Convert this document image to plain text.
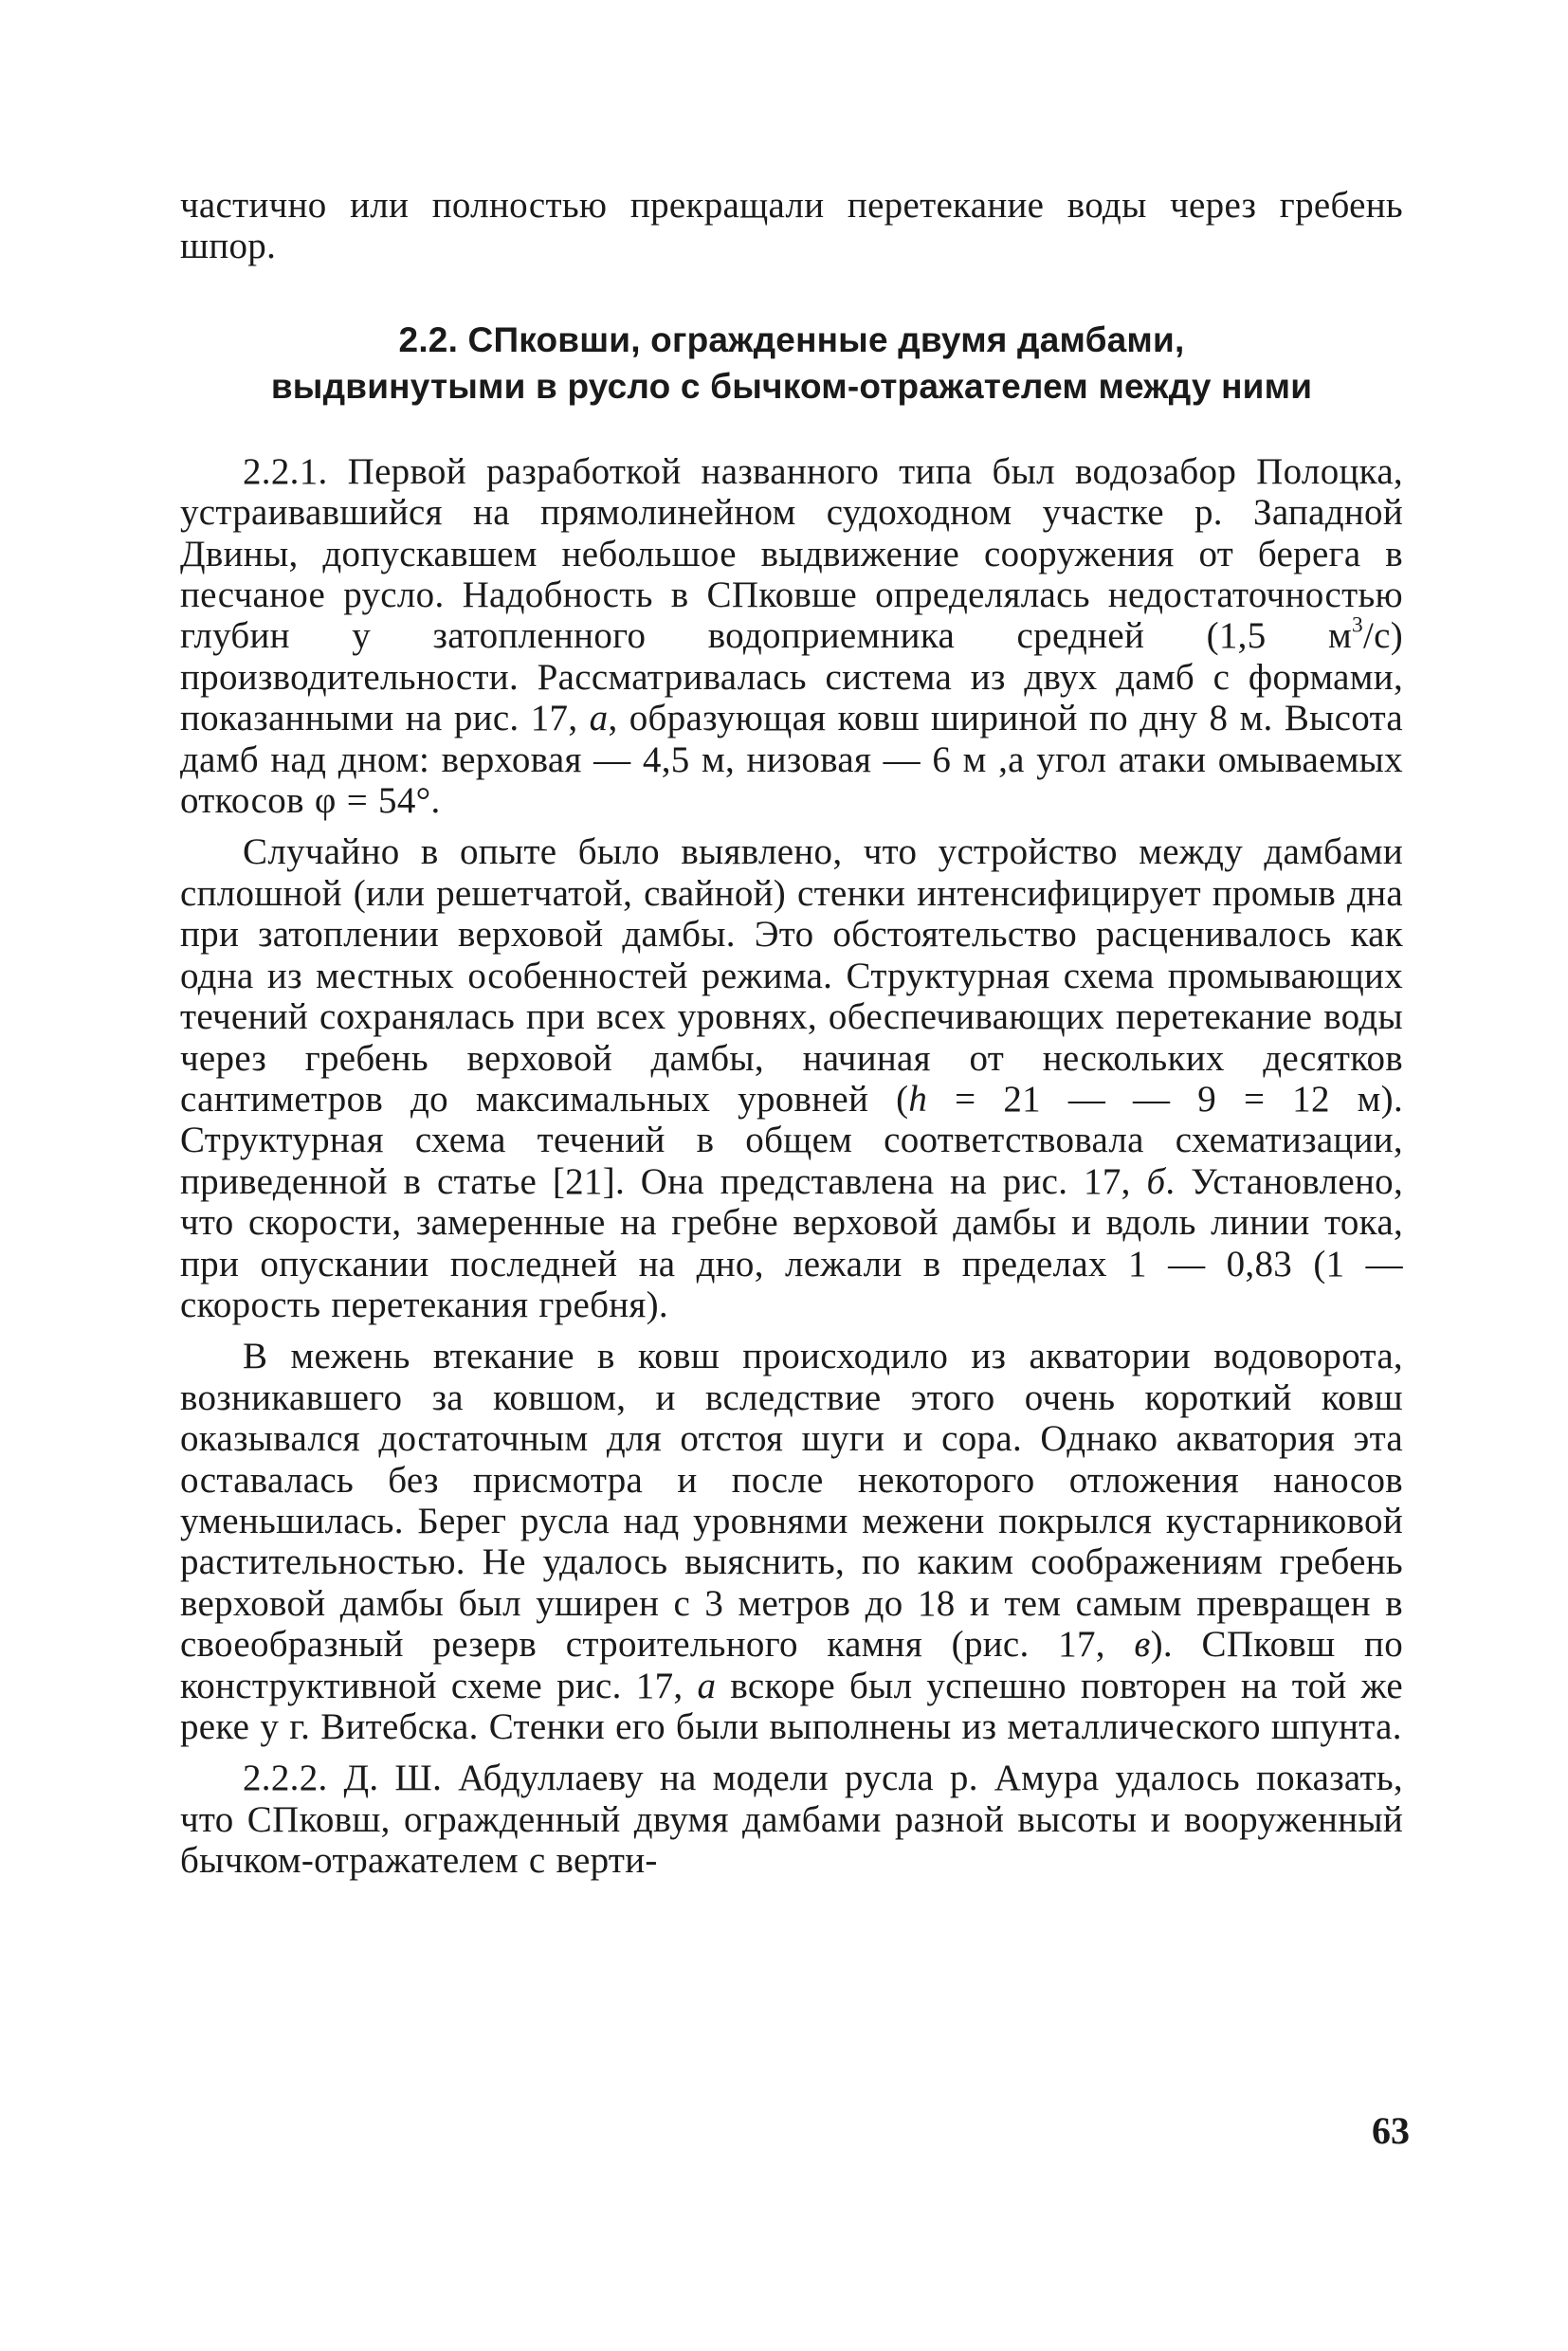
частично или полностью прекращали перетекание воды через гребень шпор.

2.2. СПковши, огражденные двумя дамбами,
выдвинутыми в русло с бычком-отражателем между ними

2.2.1. Первой разработкой названного типа был водозабор Полоцка, устраивавшийся на прямолинейном судоходном участке р. Западной Двины, допускавшем небольшое выдвижение сооружения от берега в песчаное русло. Надобность в СПковше определялась недостаточностью глубин у затопленного водоприемника средней (1,5 $м^3/с$) производительности. Рассматривалась система из двух дамб с формами, показанными на рис. 17, а, образующая ковш шириной по дну 8 м. Высота дамб над дном: верховая — 4,5 м, низовая — 6 м ,а угол атаки омываемых откосов φ = 54°.

Случайно в опыте было выявлено, что устройство между дамбами сплошной (или решетчатой, свайной) стенки интенсифицирует промыв дна при затоплении верховой дамбы. Это обстоятельство расценивалось как одна из местных особенностей режима. Структурная схема промывающих течений сохранялась при всех уровнях, обеспечивающих перетекание воды через гребень верховой дамбы, начиная от нескольких десятков сантиметров до максимальных уровней (h = 21 — — 9 = 12 м). Структурная схема течений в общем соответствовала схематизации, приведенной в статье [21]. Она представлена на рис. 17, б. Установлено, что скорости, замеренные на гребне верховой дамбы и вдоль линии тока, при опускании последней на дно, лежали в пределах 1 — 0,83 (1 — скорость перетекания гребня).

В межень втекание в ковш происходило из акватории водоворота, возникавшего за ковшом, и вследствие этого очень короткий ковш оказывался достаточным для отстоя шуги и сора. Однако акватория эта оставалась без присмотра и после некоторого отложения наносов уменьшилась. Берег русла над уровнями межени покрылся кустарниковой растительностью. Не удалось выяснить, по каким соображениям гребень верховой дамбы был уширен с 3 метров до 18 и тем самым превращен в своеобразный резерв строительного камня (рис. 17, в). СПковш по конструктивной схеме рис. 17, а вскоре был успешно повторен на той же реке у г. Витебска. Стенки его были выполнены из металлического шпунта.

2.2.2. Д. Ш. Абдуллаеву на модели русла р. Амура удалось показать, что СПковш, огражденный двумя дамбами разной высоты и вооруженный бычком-отражателем с верти-

63
